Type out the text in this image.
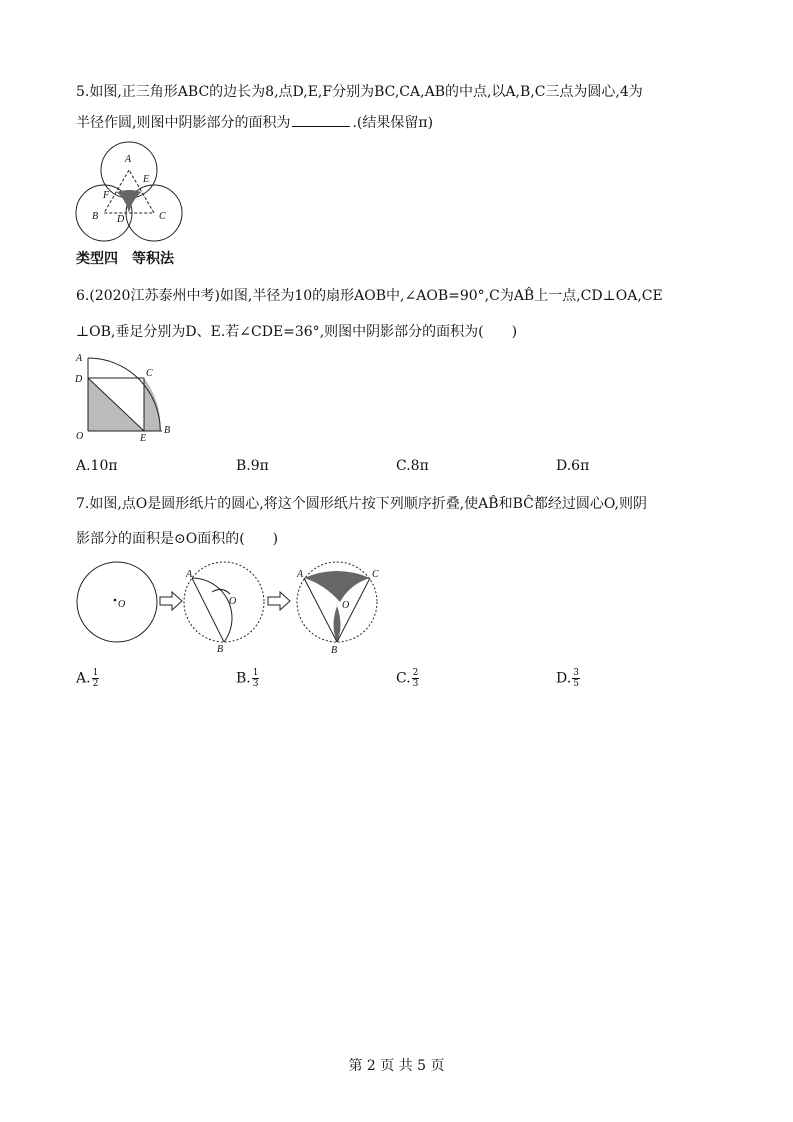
5.如图,正三角形ABC的边长为8,点D,E,F分别为BC,CA,AB的中点,以A,B,C三点为圆心,4为
半径作圆,则图中阴影部分的面积为	.(结果保留π)
A
B	C
D
E
F
类型四　等积法
6.(2020江苏泰州中考)如图,半径为10的扇形AOB中,∠AOB=90°,C为AB̂上一点,CD⊥OA,CE
⊥OB,垂足分别为D、E.若∠CDE=36°,则图中阴影部分的面积为(　　)
A
D
C
O	E
B
A.10π	B.9π	C.8π	D.6π
7.如图,点O是圆形纸片的圆心,将这个圆形纸片按下列顺序折叠,使AB̂和BĈ都经过圆心O,则阴
影部分的面积是⊙O面积的(　　)
O
A
O
B
A	C
O
B
A. $\frac{1}{2}$	B. $\frac{1}{3}$	C. $\frac{2}{3}$	D. $\frac{3}{5}$
第 2 页 共 5 页
